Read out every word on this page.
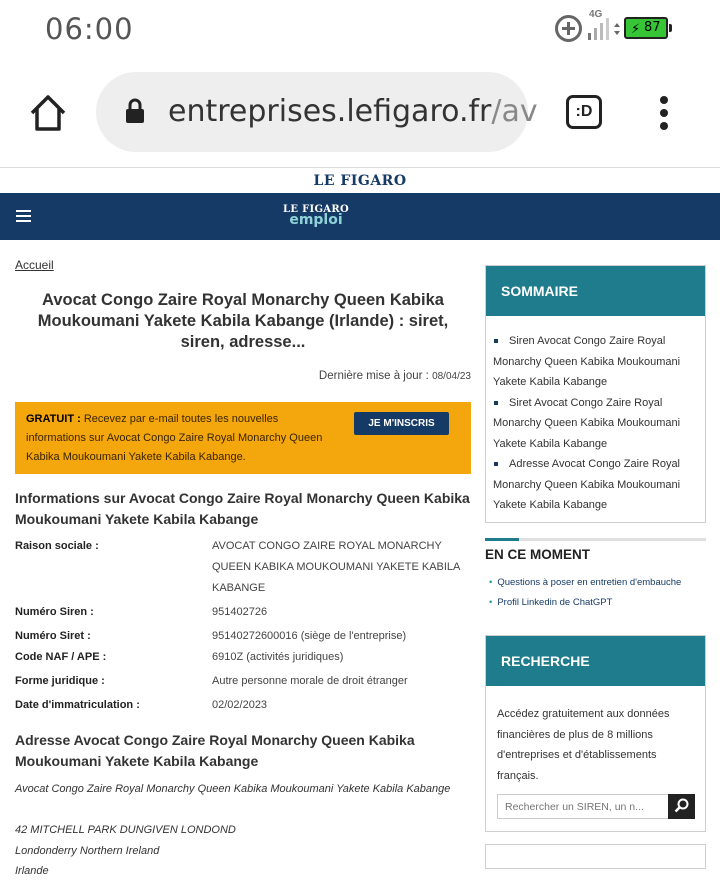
06:00	4G
⚡ 87
entreprises.lefigaro.fr/av	:D
LE FIGARO
LE FIGARO
emploi
Accueil
Avocat Congo Zaire Royal Monarchy Queen Kabika Moukoumani Yakete Kabila Kabange (Irlande) : siret, siren, adresse...
Dernière mise à jour : 08/04/23
GRATUIT : Recevez par e-mail toutes les nouvelles informations sur Avocat Congo Zaire Royal Monarchy Queen Kabika Moukoumani Yakete Kabila Kabange.
JE M'INSCRIS
Informations sur Avocat Congo Zaire Royal Monarchy Queen Kabika Moukoumani Yakete Kabila Kabange
Raison sociale :	AVOCAT CONGO ZAIRE ROYAL MONARCHY QUEEN KABIKA MOUKOUMANI YAKETE KABILA KABANGE
Numéro Siren :	951402726
Numéro Siret :	95140272600016 (siège de l'entreprise)
Code NAF / APE :	6910Z (activités juridiques)
Forme juridique :	Autre personne morale de droit étranger
Date d'immatriculation :	02/02/2023
Adresse Avocat Congo Zaire Royal Monarchy Queen Kabika Moukoumani Yakete Kabila Kabange
Avocat Congo Zaire Royal Monarchy Queen Kabika Moukoumani Yakete Kabila Kabange
42 MITCHELL PARK DUNGIVEN LONDOND
Londonderry Northern Ireland
Irlande
SOMMAIRE
Siren Avocat Congo Zaire Royal Monarchy Queen Kabika Moukoumani Yakete Kabila Kabange
Siret Avocat Congo Zaire Royal Monarchy Queen Kabika Moukoumani Yakete Kabila Kabange
Adresse Avocat Congo Zaire Royal Monarchy Queen Kabika Moukoumani Yakete Kabila Kabange
EN CE MOMENT
• Questions à poser en entretien d'embauche
• Profil Linkedin de ChatGPT
RECHERCHE
Accédez gratuitement aux données financières de plus de 8 millions d'entreprises et d'établissements français.
Rechercher un SIREN, un n...
